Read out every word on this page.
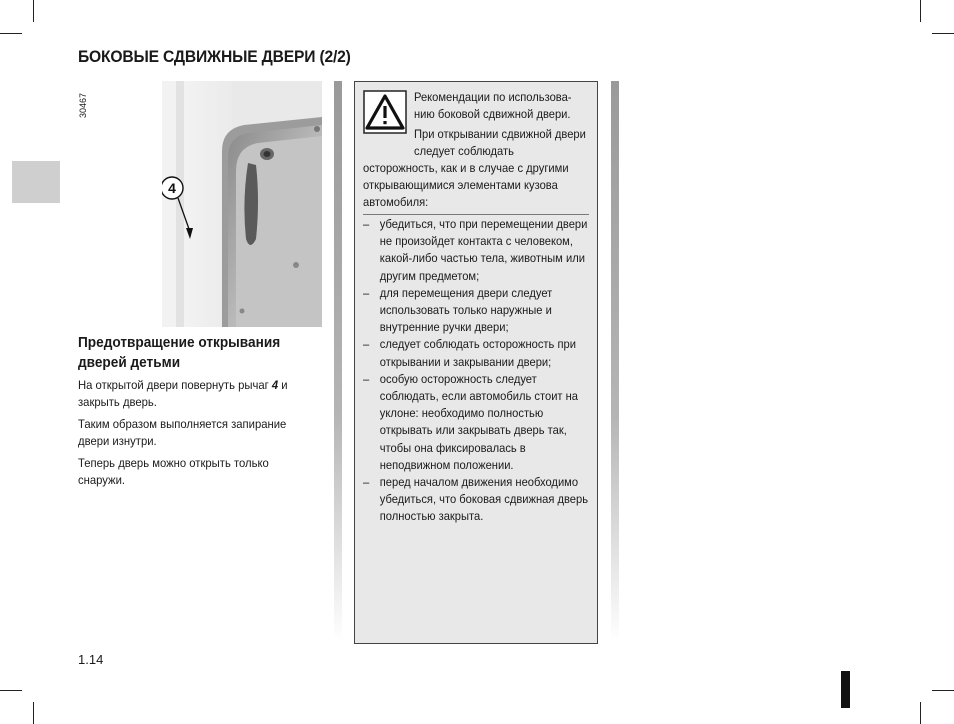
БОКОВЫЕ СДВИЖНЫЕ ДВЕРИ (2/2)
30467
4
Предотвращение открывания дверей детьми
На открытой двери повернуть рычаг 4 и закрыть дверь.
Таким образом выполняется запирание двери изнутри.
Теперь дверь можно открыть только снаружи.
Рекомендации по использова-нию боковой сдвижной двери.
При открывании сдвижной двери следует соблюдать
осторожность, как и в случае с другими открывающимися элементами кузова автомобиля:
– убедиться, что при перемещении двери не произойдет контакта с человеком, какой-либо частью тела, животным или другим предметом;
– для перемещения двери следует использовать только наружные и внутренние ручки двери;
– следует соблюдать осторожность при открывании и закрывании двери;
– особую осторожность следует соблюдать, если автомобиль стоит на уклоне: необходимо полностью открывать или закрывать дверь так, чтобы она фиксировалась в неподвижном положении.
– перед началом движения необходимо убедиться, что боковая сдвижная дверь полностью закрыта.
1.14
